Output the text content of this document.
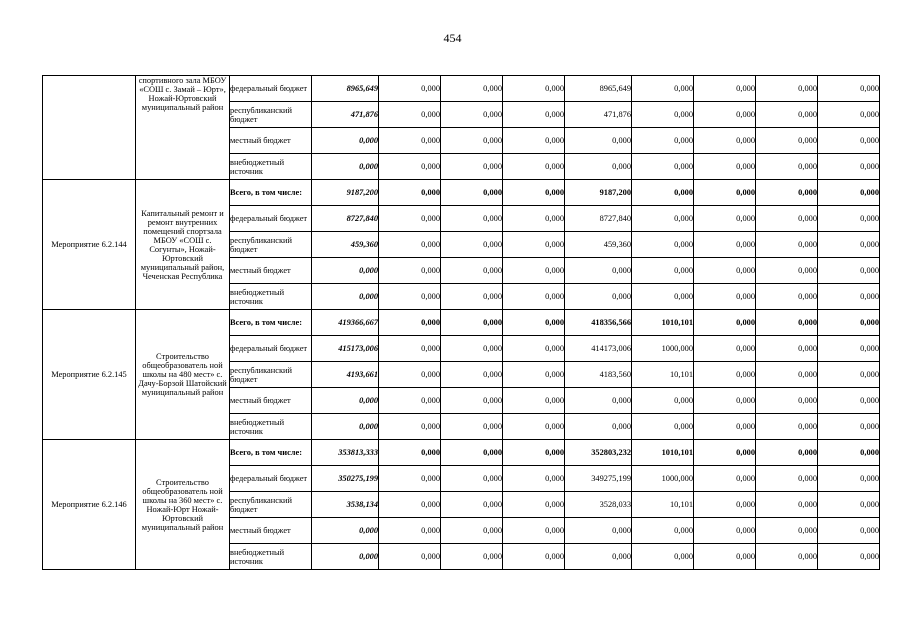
454
	спортивного зала МБОУ «СОШ с. Замай – Юрт», Ножай-Юртовский муниципальный район	федеральный бюджет	8965,649	0,000	0,000	0,000	8965,649	0,000	0,000	0,000	0,000
		республиканский бюджет	471,876	0,000	0,000	0,000	471,876	0,000	0,000	0,000	0,000
		местный бюджет	0,000	0,000	0,000	0,000	0,000	0,000	0,000	0,000	0,000
		внебюджетный источник	0,000	0,000	0,000	0,000	0,000	0,000	0,000	0,000	0,000
Мероприятие 6.2.144	Капитальный ремонт и ремонт внутренних помещений спортзала МБОУ «СОШ с. Согунты», Ножай-Юртовский муниципальный район, Чеченская Республика	Всего, в том числе:	9187,200	0,000	0,000	0,000	9187,200	0,000	0,000	0,000	0,000
		федеральный бюджет	8727,840	0,000	0,000	0,000	8727,840	0,000	0,000	0,000	0,000
		республиканский бюджет	459,360	0,000	0,000	0,000	459,360	0,000	0,000	0,000	0,000
		местный бюджет	0,000	0,000	0,000	0,000	0,000	0,000	0,000	0,000	0,000
		внебюджетный источник	0,000	0,000	0,000	0,000	0,000	0,000	0,000	0,000	0,000
Мероприятие 6.2.145	Строительство общеобразователь ной школы на 480 мест» с. Дачу-Борзой Шатойский муниципальный район	Всего, в том числе:	419366,667	0,000	0,000	0,000	418356,566	1010,101	0,000	0,000	0,000
		федеральный бюджет	415173,006	0,000	0,000	0,000	414173,006	1000,000	0,000	0,000	0,000
		республиканский бюджет	4193,661	0,000	0,000	0,000	4183,560	10,101	0,000	0,000	0,000
		местный бюджет	0,000	0,000	0,000	0,000	0,000	0,000	0,000	0,000	0,000
		внебюджетный источник	0,000	0,000	0,000	0,000	0,000	0,000	0,000	0,000	0,000
Мероприятие 6.2.146	Строительство общеобразователь ной школы на 360 мест» с. Ножай-Юрт Ножай-Юртовский муниципальный район	Всего, в том числе:	353813,333	0,000	0,000	0,000	352803,232	1010,101	0,000	0,000	0,000
		федеральный бюджет	350275,199	0,000	0,000	0,000	349275,199	1000,000	0,000	0,000	0,000
		республиканский бюджет	3538,134	0,000	0,000	0,000	3528,033	10,101	0,000	0,000	0,000
		местный бюджет	0,000	0,000	0,000	0,000	0,000	0,000	0,000	0,000	0,000
		внебюджетный источник	0,000	0,000	0,000	0,000	0,000	0,000	0,000	0,000	0,000
